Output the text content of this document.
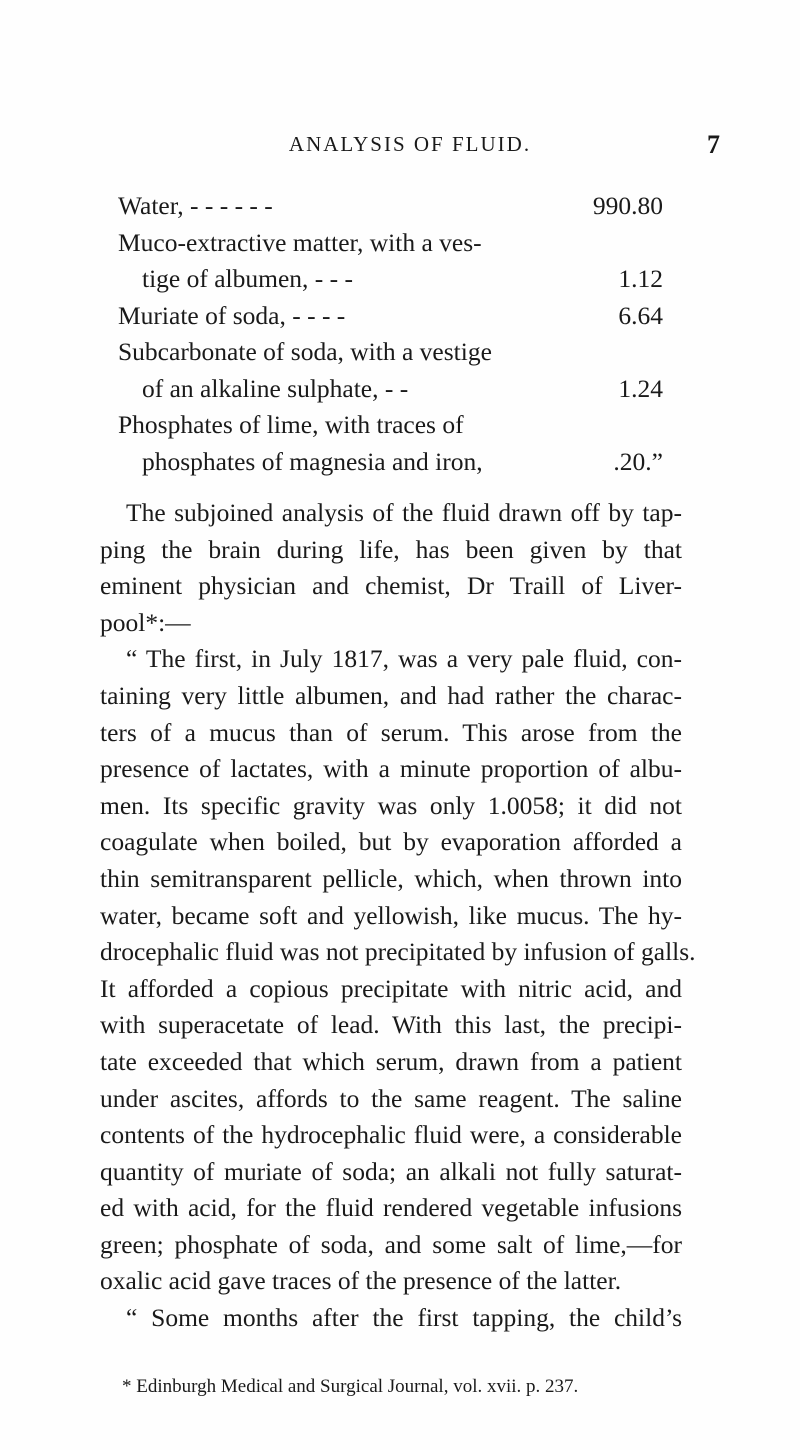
ANALYSIS OF FLUID.	7
Water, - - - - - -	990.80
Muco-extractive matter, with a ves-
tige of albumen, - - -	1.12
Muriate of soda, - - - -	6.64
Subcarbonate of soda, with a vestige
of an alkaline sulphate, - -	1.24
Phosphates of lime, with traces of
phosphates of magnesia and iron,	.20.”
The subjoined analysis of the fluid drawn off by tap-
ping the brain during life, has been given by that
eminent physician and chemist, Dr Traill of Liver-
pool*:—
“ The first, in July 1817, was a very pale fluid, con-
taining very little albumen, and had rather the charac-
ters of a mucus than of serum. This arose from the
presence of lactates, with a minute proportion of albu-
men. Its specific gravity was only 1.0058; it did not
coagulate when boiled, but by evaporation afforded a
thin semitransparent pellicle, which, when thrown into
water, became soft and yellowish, like mucus. The hy-
drocephalic fluid was not precipitated by infusion of galls.
It afforded a copious precipitate with nitric acid, and
with superacetate of lead. With this last, the precipi-
tate exceeded that which serum, drawn from a patient
under ascites, affords to the same reagent. The saline
contents of the hydrocephalic fluid were, a considerable
quantity of muriate of soda; an alkali not fully saturat-
ed with acid, for the fluid rendered vegetable infusions
green; phosphate of soda, and some salt of lime,—for
oxalic acid gave traces of the presence of the latter.
“ Some months after the first tapping, the child’s
* Edinburgh Medical and Surgical Journal, vol. xvii. p. 237.
